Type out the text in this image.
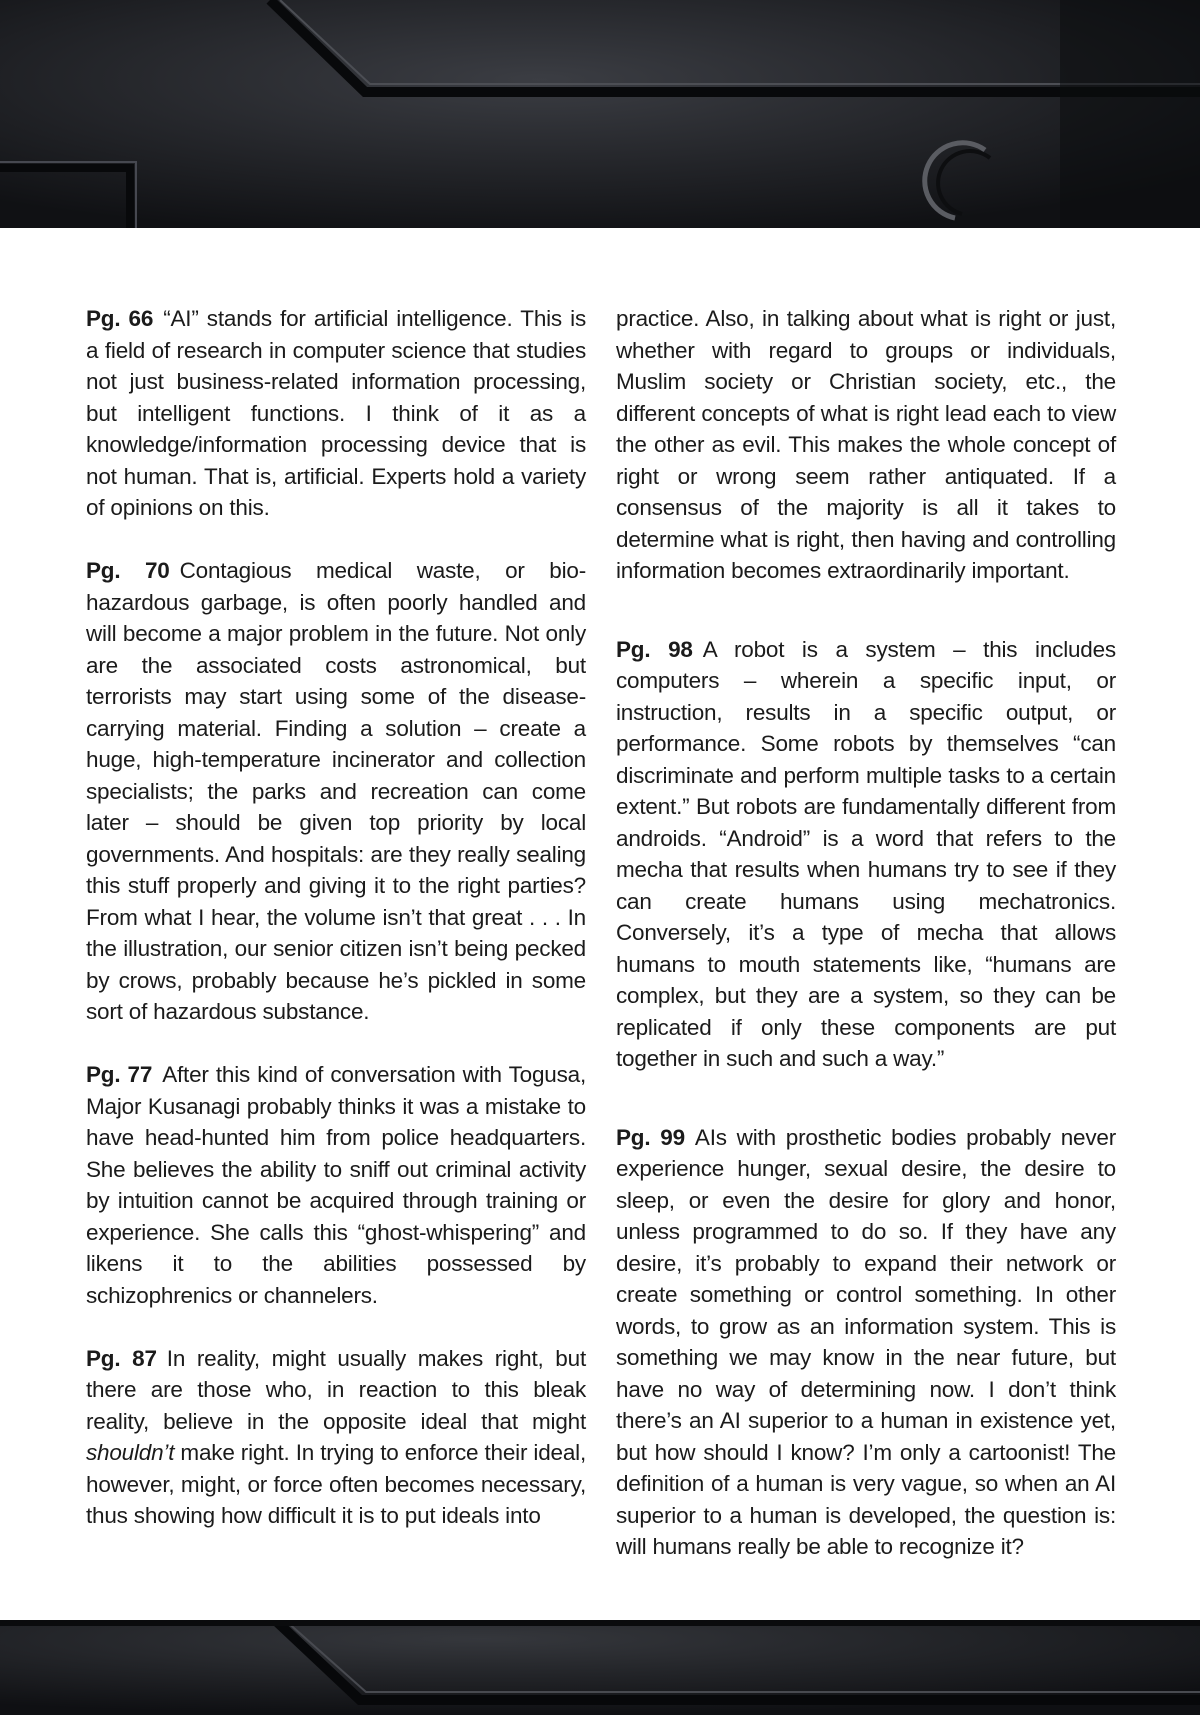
Pg. 66 “AI” stands for artificial intelligence. This is a field of research in computer science that studies not just business-related information processing, but intelligent functions. I think of it as a knowledge/information processing device that is not human. That is, artificial. Experts hold a variety of opinions on this.

Pg. 70 Contagious medical waste, or bio-hazardous garbage, is often poorly handled and will become a major problem in the future. Not only are the associated costs astronomical, but terrorists may start using some of the disease-carrying material. Finding a solution – create a huge, high-temperature incinerator and collection specialists; the parks and recreation can come later – should be given top priority by local governments. And hospitals: are they really sealing this stuff properly and giving it to the right parties? From what I hear, the volume isn’t that great . . . In the illustration, our senior citizen isn’t being pecked by crows, probably because he’s pickled in some sort of hazardous substance.

Pg. 77 After this kind of conversation with Togusa, Major Kusanagi probably thinks it was a mistake to have head-hunted him from police headquarters. She believes the ability to sniff out criminal activity by intuition cannot be acquired through training or experience. She calls this “ghost-whispering” and likens it to the abilities possessed by schizophrenics or channelers.

Pg. 87 In reality, might usually makes right, but there are those who, in reaction to this bleak reality, believe in the opposite ideal that might shouldn’t make right. In trying to enforce their ideal, however, might, or force often becomes necessary, thus showing how difficult it is to put ideals into

practice. Also, in talking about what is right or just, whether with regard to groups or individuals, Muslim society or Christian society, etc., the different concepts of what is right lead each to view the other as evil. This makes the whole concept of right or wrong seem rather antiquated. If a consensus of the majority is all it takes to determine what is right, then having and controlling information becomes extraordinarily important.

Pg. 98 A robot is a system – this includes computers – wherein a specific input, or instruction, results in a specific output, or performance. Some robots by themselves “can discriminate and perform multiple tasks to a certain extent.” But robots are fundamentally different from androids. “Android” is a word that refers to the mecha that results when humans try to see if they can create humans using mechatronics. Conversely, it’s a type of mecha that allows humans to mouth statements like, “humans are complex, but they are a system, so they can be replicated if only these components are put together in such and such a way.”

Pg. 99 AIs with prosthetic bodies probably never experience hunger, sexual desire, the desire to sleep, or even the desire for glory and honor, unless programmed to do so. If they have any desire, it’s probably to expand their network or create something or control something. In other words, to grow as an information system. This is something we may know in the near future, but have no way of determining now. I don’t think there’s an AI superior to a human in existence yet, but how should I know? I’m only a cartoonist! The definition of a human is very vague, so when an AI superior to a human is developed, the question is: will humans really be able to recognize it?
